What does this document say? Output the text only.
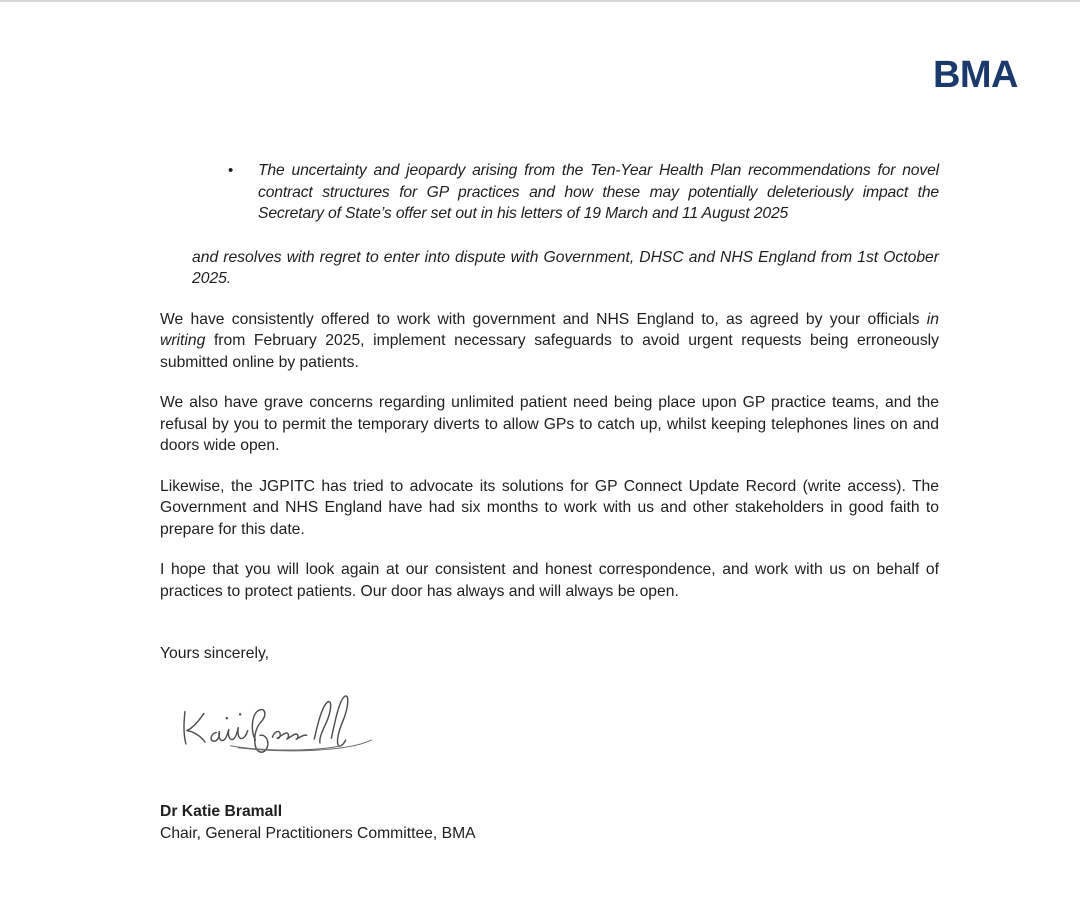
BMA
•	The uncertainty and jeopardy arising from the Ten-Year Health Plan recommendations for novel contract structures for GP practices and how these may potentially deleteriously impact the Secretary of State’s offer set out in his letters of 19 March and 11 August 2025

and resolves with regret to enter into dispute with Government, DHSC and NHS England from 1st October 2025.

We have consistently offered to work with government and NHS England to, as agreed by your officials in writing from February 2025, implement necessary safeguards to avoid urgent requests being erroneously submitted online by patients.

We also have grave concerns regarding unlimited patient need being place upon GP practice teams, and the refusal by you to permit the temporary diverts to allow GPs to catch up, whilst keeping telephones lines on and doors wide open.

Likewise, the JGPITC has tried to advocate its solutions for GP Connect Update Record (write access). The Government and NHS England have had six months to work with us and other stakeholders in good faith to prepare for this date.

I hope that you will look again at our consistent and honest correspondence, and work with us on behalf of practices to protect patients. Our door has always and will always be open.

Yours sincerely,

Dr Katie Bramall

Chair, General Practitioners Committee, BMA
